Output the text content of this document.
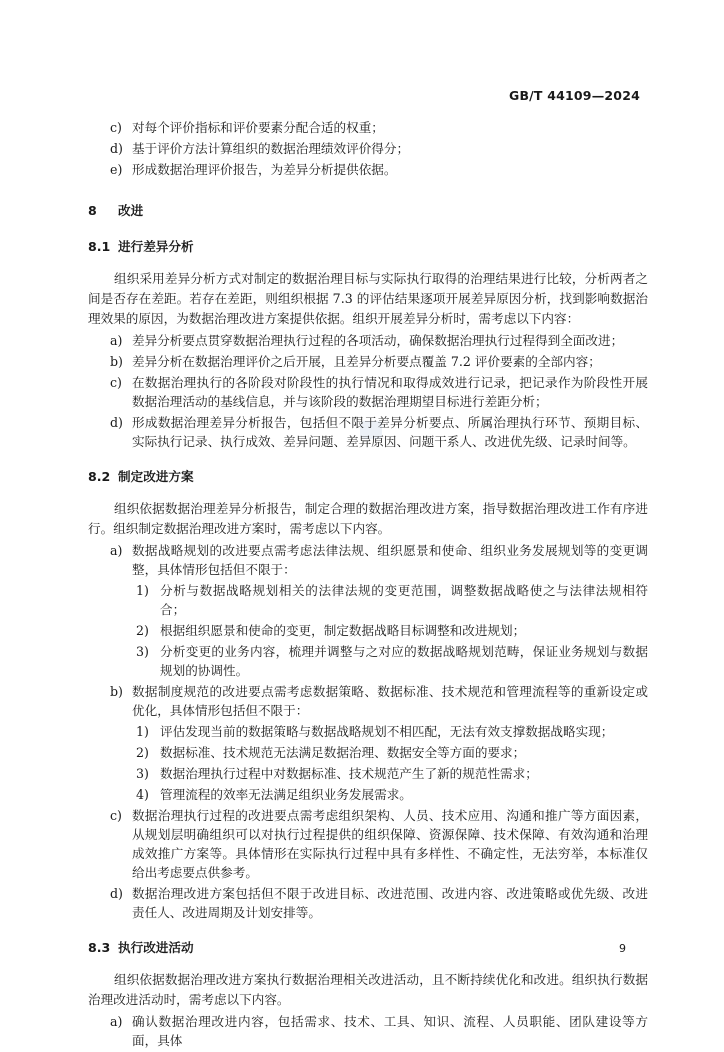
GB/T 44109—2024
c) 对每个评价指标和评价要素分配合适的权重；
d) 基于评价方法计算组织的数据治理绩效评价得分；
e) 形成数据治理评价报告，为差异分析提供依据。
8 改进
8.1 进行差异分析
组织采用差异分析方式对制定的数据治理目标与实际执行取得的治理结果进行比较，分析两者之间是否存在差距。若存在差距，则组织根据 7.3 的评估结果逐项开展差异原因分析，找到影响数据治理效果的原因，为数据治理改进方案提供依据。组织开展差异分析时，需考虑以下内容：
a) 差异分析要点贯穿数据治理执行过程的各项活动，确保数据治理执行过程得到全面改进；
b) 差异分析在数据治理评价之后开展，且差异分析要点覆盖 7.2 评价要素的全部内容；
c) 在数据治理执行的各阶段对阶段性的执行情况和取得成效进行记录，把记录作为阶段性开展数据治理活动的基线信息，并与该阶段的数据治理期望目标进行差距分析；
d) 形成数据治理差异分析报告，包括但不限于差异分析要点、所属治理执行环节、预期目标、实际执行记录、执行成效、差异问题、差异原因、问题干系人、改进优先级、记录时间等。
8.2 制定改进方案
组织依据数据治理差异分析报告，制定合理的数据治理改进方案，指导数据治理改进工作有序进行。组织制定数据治理改进方案时，需考虑以下内容。
a) 数据战略规划的改进要点需考虑法律法规、组织愿景和使命、组织业务发展规划等的变更调整，具体情形包括但不限于：
1) 分析与数据战略规划相关的法律法规的变更范围，调整数据战略使之与法律法规相符合；
2) 根据组织愿景和使命的变更，制定数据战略目标调整和改进规划；
3) 分析变更的业务内容，梳理并调整与之对应的数据战略规划范畴，保证业务规划与数据规划的协调性。
b) 数据制度规范的改进要点需考虑数据策略、数据标准、技术规范和管理流程等的重新设定或优化，具体情形包括但不限于：
1) 评估发现当前的数据策略与数据战略规划不相匹配，无法有效支撑数据战略实现；
2) 数据标准、技术规范无法满足数据治理、数据安全等方面的要求；
3) 数据治理执行过程中对数据标准、技术规范产生了新的规范性需求；
4) 管理流程的效率无法满足组织业务发展需求。
c) 数据治理执行过程的改进要点需考虑组织架构、人员、技术应用、沟通和推广等方面因素，从规划层明确组织可以对执行过程提供的组织保障、资源保障、技术保障、有效沟通和治理成效推广方案等。具体情形在实际执行过程中具有多样性、不确定性，无法穷举，本标准仅给出考虑要点供参考。
d) 数据治理改进方案包括但不限于改进目标、改进范围、改进内容、改进策略或优先级、改进责任人、改进周期及计划安排等。
8.3 执行改进活动
组织依据数据治理改进方案执行数据治理相关改进活动，且不断持续优化和改进。组织执行数据治理改进活动时，需考虑以下内容。
a) 确认数据治理改进内容，包括需求、技术、工具、知识、流程、人员职能、团队建设等方面，具体
9
